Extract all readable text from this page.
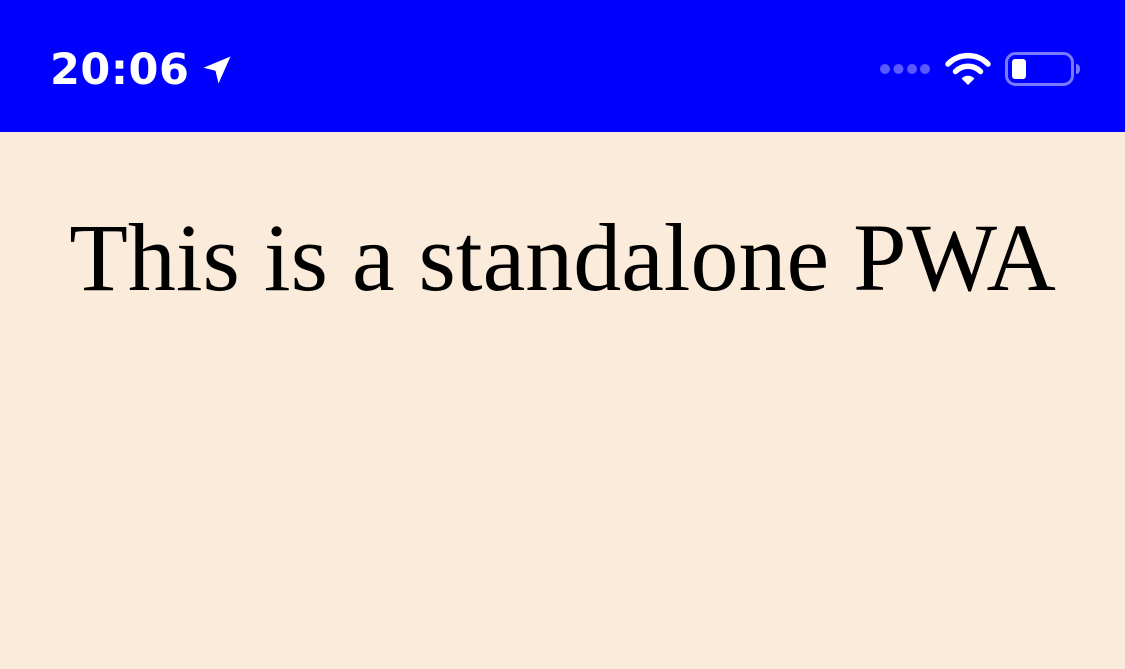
20:06
This is a standalone PWA
